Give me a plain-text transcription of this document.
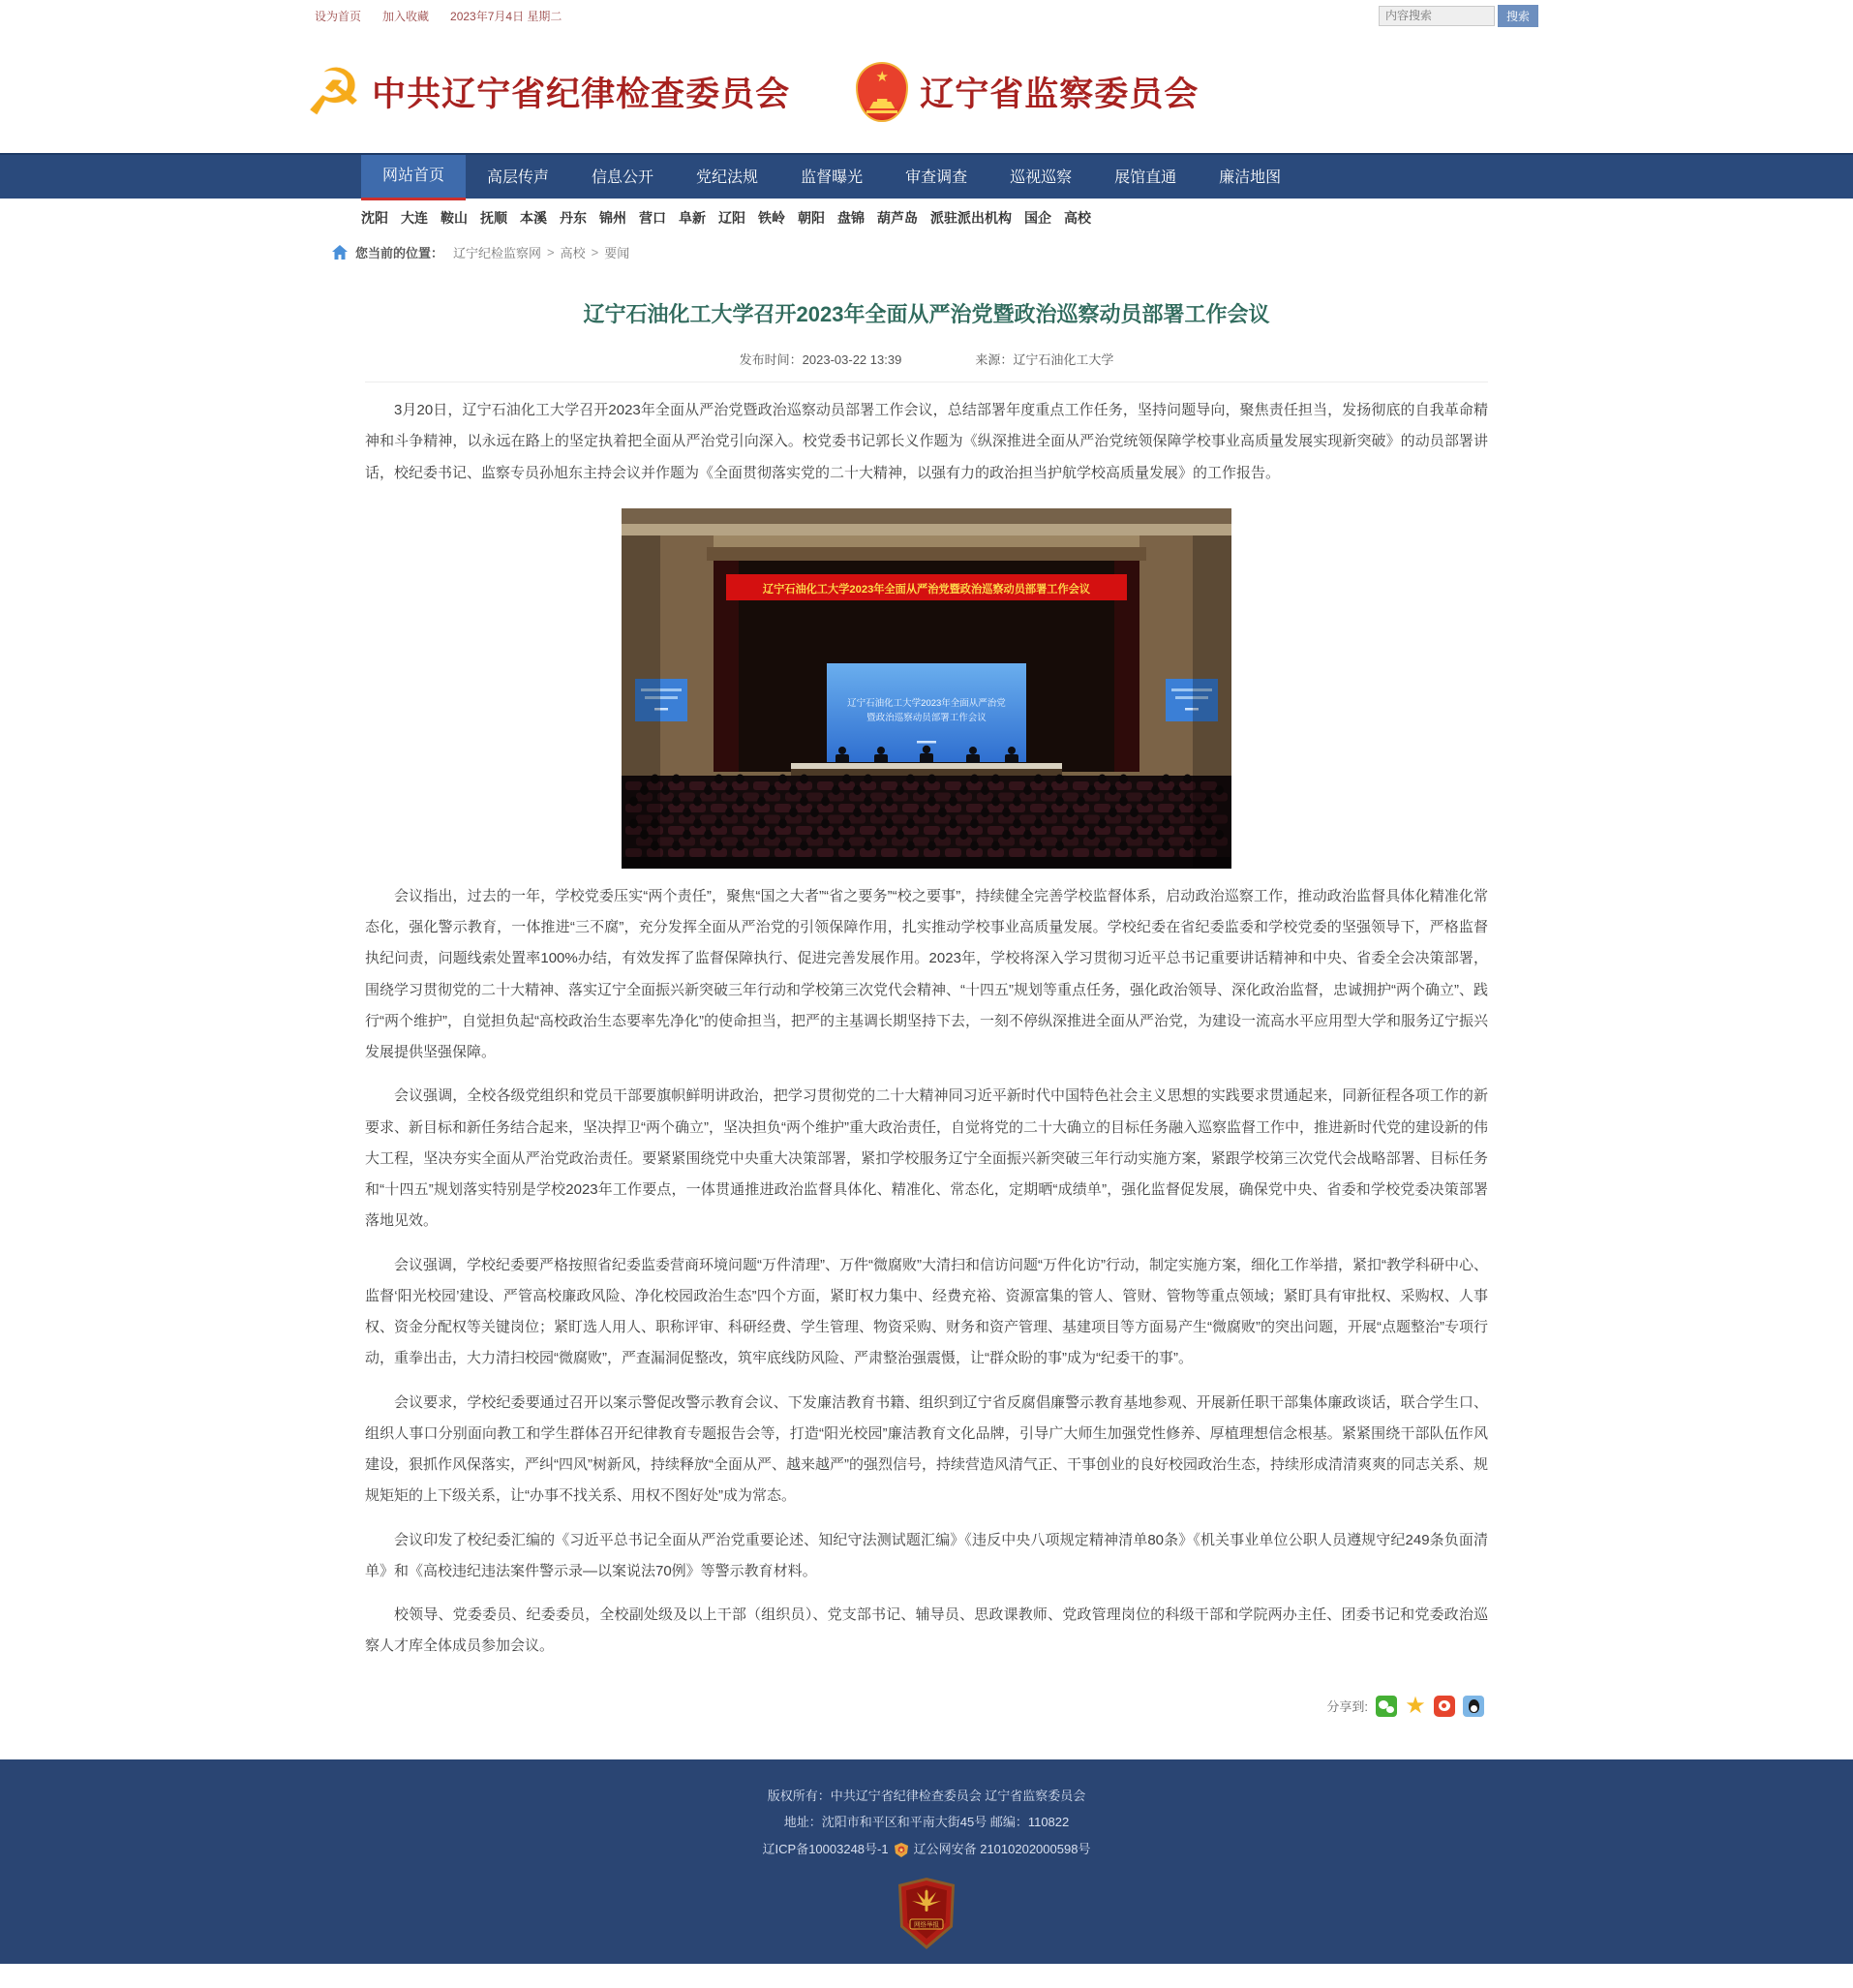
设为首页 加入收藏 2023年7月4日 星期二
内容搜索	搜索
☭ 中共辽宁省纪律检查委员会	★ 辽宁省监察委员会
网站首页	高层传声	信息公开	党纪法规	监督曝光	审查调查	巡视巡察	展馆直通	廉洁地图
沈阳 大连 鞍山 抚顺 本溪 丹东 锦州 营口 阜新 辽阳 铁岭 朝阳 盘锦 葫芦岛 派驻派出机构 国企 高校
您当前的位置： 辽宁纪检监察网 > 高校 > 要闻
辽宁石油化工大学召开2023年全面从严治党暨政治巡察动员部署工作会议
发布时间：2023-03-22 13:39	来源：辽宁石油化工大学

3月20日，辽宁石油化工大学召开2023年全面从严治党暨政治巡察动员部署工作会议，总结部署年度重点工作任务，坚持问题导向，聚焦责任担当，发扬彻底的自我革命精神和斗争精神，以永远在路上的坚定执着把全面从严治党引向深入。校党委书记郭长义作题为《纵深推进全面从严治党统领保障学校事业高质量发展实现新突破》的动员部署讲话，校纪委书记、监察专员孙旭东主持会议并作题为《全面贯彻落实党的二十大精神，以强有力的政治担当护航学校高质量发展》的工作报告。

辽宁石油化工大学2023年全面从严治党暨政治巡察动员部署工作会议
辽宁石油化工大学2023年全面从严治党
暨政治巡察动员部署工作会议

会议指出，过去的一年，学校党委压实“两个责任”，聚焦“国之大者”“省之要务”“校之要事”，持续健全完善学校监督体系，启动政治巡察工作，推动政治监督具体化精准化常态化，强化警示教育，一体推进“三不腐”，充分发挥全面从严治党的引领保障作用，扎实推动学校事业高质量发展。学校纪委在省纪委监委和学校党委的坚强领导下，严格监督执纪问责，问题线索处置率100%办结，有效发挥了监督保障执行、促进完善发展作用。2023年，学校将深入学习贯彻习近平总书记重要讲话精神和中央、省委全会决策部署，围绕学习贯彻党的二十大精神、落实辽宁全面振兴新突破三年行动和学校第三次党代会精神、“十四五”规划等重点任务，强化政治领导、深化政治监督，忠诚拥护“两个确立”、践行“两个维护”，自觉担负起“高校政治生态要率先净化”的使命担当，把严的主基调长期坚持下去，一刻不停纵深推进全面从严治党，为建设一流高水平应用型大学和服务辽宁振兴发展提供坚强保障。

会议强调，全校各级党组织和党员干部要旗帜鲜明讲政治，把学习贯彻党的二十大精神同习近平新时代中国特色社会主义思想的实践要求贯通起来，同新征程各项工作的新要求、新目标和新任务结合起来，坚决捍卫“两个确立”，坚决担负“两个维护”重大政治责任，自觉将党的二十大确立的目标任务融入巡察监督工作中，推进新时代党的建设新的伟大工程，坚决夯实全面从严治党政治责任。要紧紧围绕党中央重大决策部署，紧扣学校服务辽宁全面振兴新突破三年行动实施方案，紧跟学校第三次党代会战略部署、目标任务和“十四五”规划落实特别是学校2023年工作要点，一体贯通推进政治监督具体化、精准化、常态化，定期晒“成绩单”，强化监督促发展，确保党中央、省委和学校党委决策部署落地见效。

会议强调，学校纪委要严格按照省纪委监委营商环境问题“万件清理”、万件“微腐败”大清扫和信访问题“万件化访”行动，制定实施方案，细化工作举措，紧扣“教学科研中心、监督‘阳光校园’建设、严管高校廉政风险、净化校园政治生态”四个方面，紧盯权力集中、经费充裕、资源富集的管人、管财、管物等重点领域；紧盯具有审批权、采购权、人事权、资金分配权等关键岗位；紧盯选人用人、职称评审、科研经费、学生管理、物资采购、财务和资产管理、基建项目等方面易产生“微腐败”的突出问题，开展“点题整治”专项行动，重拳出击，大力清扫校园“微腐败”，严查漏洞促整改，筑牢底线防风险、严肃整治强震慑，让“群众盼的事”成为“纪委干的事”。

会议要求，学校纪委要通过召开以案示警促改警示教育会议、下发廉洁教育书籍、组织到辽宁省反腐倡廉警示教育基地参观、开展新任职干部集体廉政谈话，联合学生口、组织人事口分别面向教工和学生群体召开纪律教育专题报告会等，打造“阳光校园”廉洁教育文化品牌，引导广大师生加强党性修养、厚植理想信念根基。紧紧围绕干部队伍作风建设，狠抓作风保落实，严纠“四风”树新风，持续释放“全面从严、越来越严”的强烈信号，持续营造风清气正、干事创业的良好校园政治生态，持续形成清清爽爽的同志关系、规规矩矩的上下级关系，让“办事不找关系、用权不图好处”成为常态。

会议印发了校纪委汇编的《习近平总书记全面从严治党重要论述、知纪守法测试题汇编》《违反中央八项规定精神清单80条》《机关事业单位公职人员遵规守纪249条负面清单》和《高校违纪违法案件警示录—以案说法70例》等警示教育材料。

校领导、党委委员、纪委委员，全校副处级及以上干部（组织员）、党支部书记、辅导员、思政课教师、党政管理岗位的科级干部和学院两办主任、团委书记和党委政治巡察人才库全体成员参加会议。

分享到: ★
版权所有：中共辽宁省纪律检查委员会 辽宁省监察委员会
地址：沈阳市和平区和平南大街45号 邮编：110822
辽ICP备10003248号-1 辽公网安备 21010202000598号
网络举报
